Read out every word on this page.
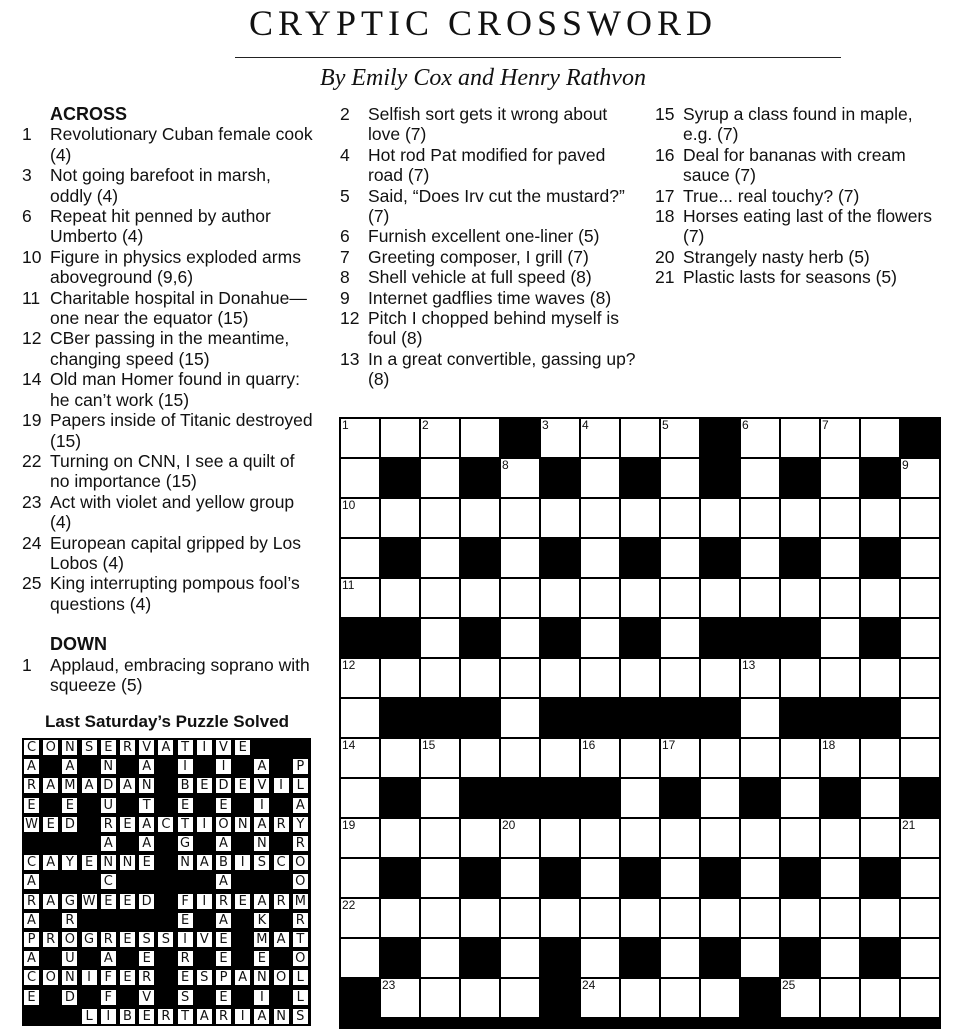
CRYPTIC CROSSWORD
By Emily Cox and Henry Rathvon
ACROSS
1	Revolutionary Cuban female cook (4)
3	Not going barefoot in marsh, oddly (4)
6	Repeat hit penned by author Umberto (4)
10 Figure in physics exploded arms aboveground (9,6)
11 Charitable hospital in Donahue—one near the equator (15)
12 CBer passing in the meantime, changing speed (15)
14 Old man Homer found in quarry: he can’t work (15)
19 Papers inside of Titanic destroyed (15)
22 Turning on CNN, I see a quilt of no importance (15)
23 Act with violet and yellow group (4)
24 European capital gripped by Los Lobos (4)
25 King interrupting pompous fool’s questions (4)
DOWN
1	Applaud, embracing soprano with squeeze (5)
2	Selfish sort gets it wrong about love (7)
4	Hot rod Pat modified for paved road (7)
5	Said, “Does Irv cut the mustard?” (7)
6	Furnish excellent one-liner (5)
7	Greeting composer, I grill (7)
8	Shell vehicle at full speed (8)
9	Internet gadflies time waves (8)
12 Pitch I chopped behind myself is foul (8)
13 In a great convertible, gassing up? (8)
15 Syrup a class found in maple, e.g. (7)
16 Deal for bananas with cream sauce (7)
17 True... real touchy? (7)
18 Horses eating last of the flowers (7)
20 Strangely nasty herb (5)
21 Plastic lasts for seasons (5)
Last Saturday’s Puzzle Solved
C O N S E R V A T	I V E
A A N A	I	I	A P
R A M A D A N B E D E V I	L
E E U T E E	I	A
W E D R E A C T	I O N A R Y
A A G A N R
C A Y E N N E N A B I	S C O
A	C	A	O
R A G W E E D F	I R E A R M
A R	E A K R
P R O G R E S S	I V E M A T
A U A E R E E O
C O N I	F E R E S P A N O L
E D F V S E	I	L
L	I B E R T A R I A N S
1	2	3	4	5	6	7
8	9
10
11
12	13
14	15	16	17	18
19	20	21
22
23	24	25
